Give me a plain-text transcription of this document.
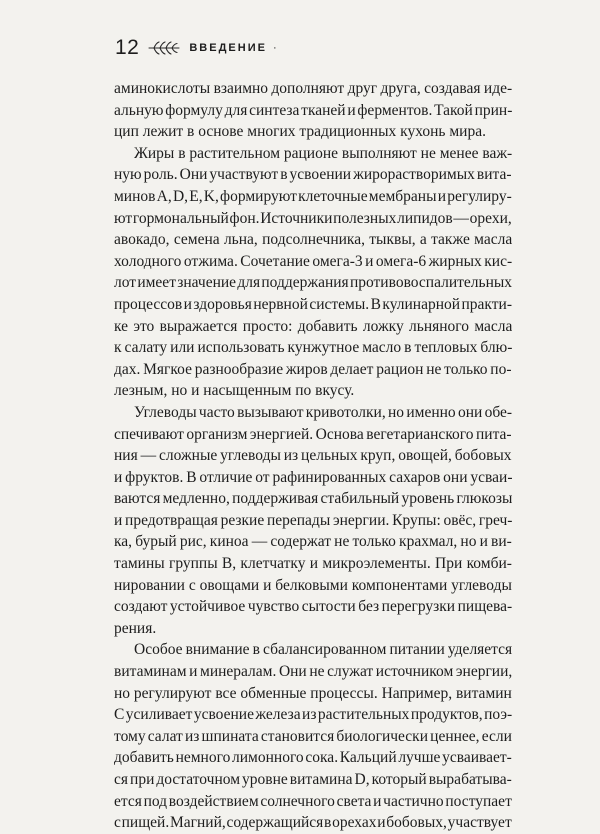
12	ВВЕДЕНИЕ ·

аминокислоты взаимно дополняют друг друга, создавая иде-
альную формулу для синтеза тканей и ферментов. Такой прин-
цип лежит в основе многих традиционных кухонь мира.

Жиры в растительном рационе выполняют не менее важ-
ную роль. Они участвуют в усвоении жирорастворимых вита-
минов A, D, E, K, формируют клеточные мембраны и регулиру-
ют гормональный фон. Источники полезных липидов — орехи,
авокадо, семена льна, подсолнечника, тыквы, а также масла
холодного отжима. Сочетание омега-3 и омега-6 жирных кис-
лот имеет значение для поддержания противовоспалительных
процессов и здоровья нервной системы. В кулинарной практи-
ке это выражается просто: добавить ложку льняного масла
к салату или использовать кунжутное масло в тепловых блю-
дах. Мягкое разнообразие жиров делает рацион не только по-
лезным, но и насыщенным по вкусу.

Углеводы часто вызывают кривотолки, но именно они обе-
спечивают организм энергией. Основа вегетарианского пита-
ния — сложные углеводы из цельных круп, овощей, бобовых
и фруктов. В отличие от рафинированных сахаров они усваи-
ваются медленно, поддерживая стабильный уровень глюкозы
и предотвращая резкие перепады энергии. Крупы: овёс, греч-
ка, бурый рис, киноа — содержат не только крахмал, но и ви-
тамины группы B, клетчатку и микроэлементы. При комби-
нировании с овощами и белковыми компонентами углеводы
создают устойчивое чувство сытости без перегрузки пищева-
рения.

Особое внимание в сбалансированном питании уделяется
витаминам и минералам. Они не служат источником энергии,
но регулируют все обменные процессы. Например, витамин
C усиливает усвоение железа из растительных продуктов, поэ-
тому салат из шпината становится биологически ценнее, если
добавить немного лимонного сока. Кальций лучше усваивает-
ся при достаточном уровне витамина D, который вырабатыва-
ется под воздействием солнечного света и частично поступает
с пищей. Магний, содержащийся в орехах и бобовых, участвует
